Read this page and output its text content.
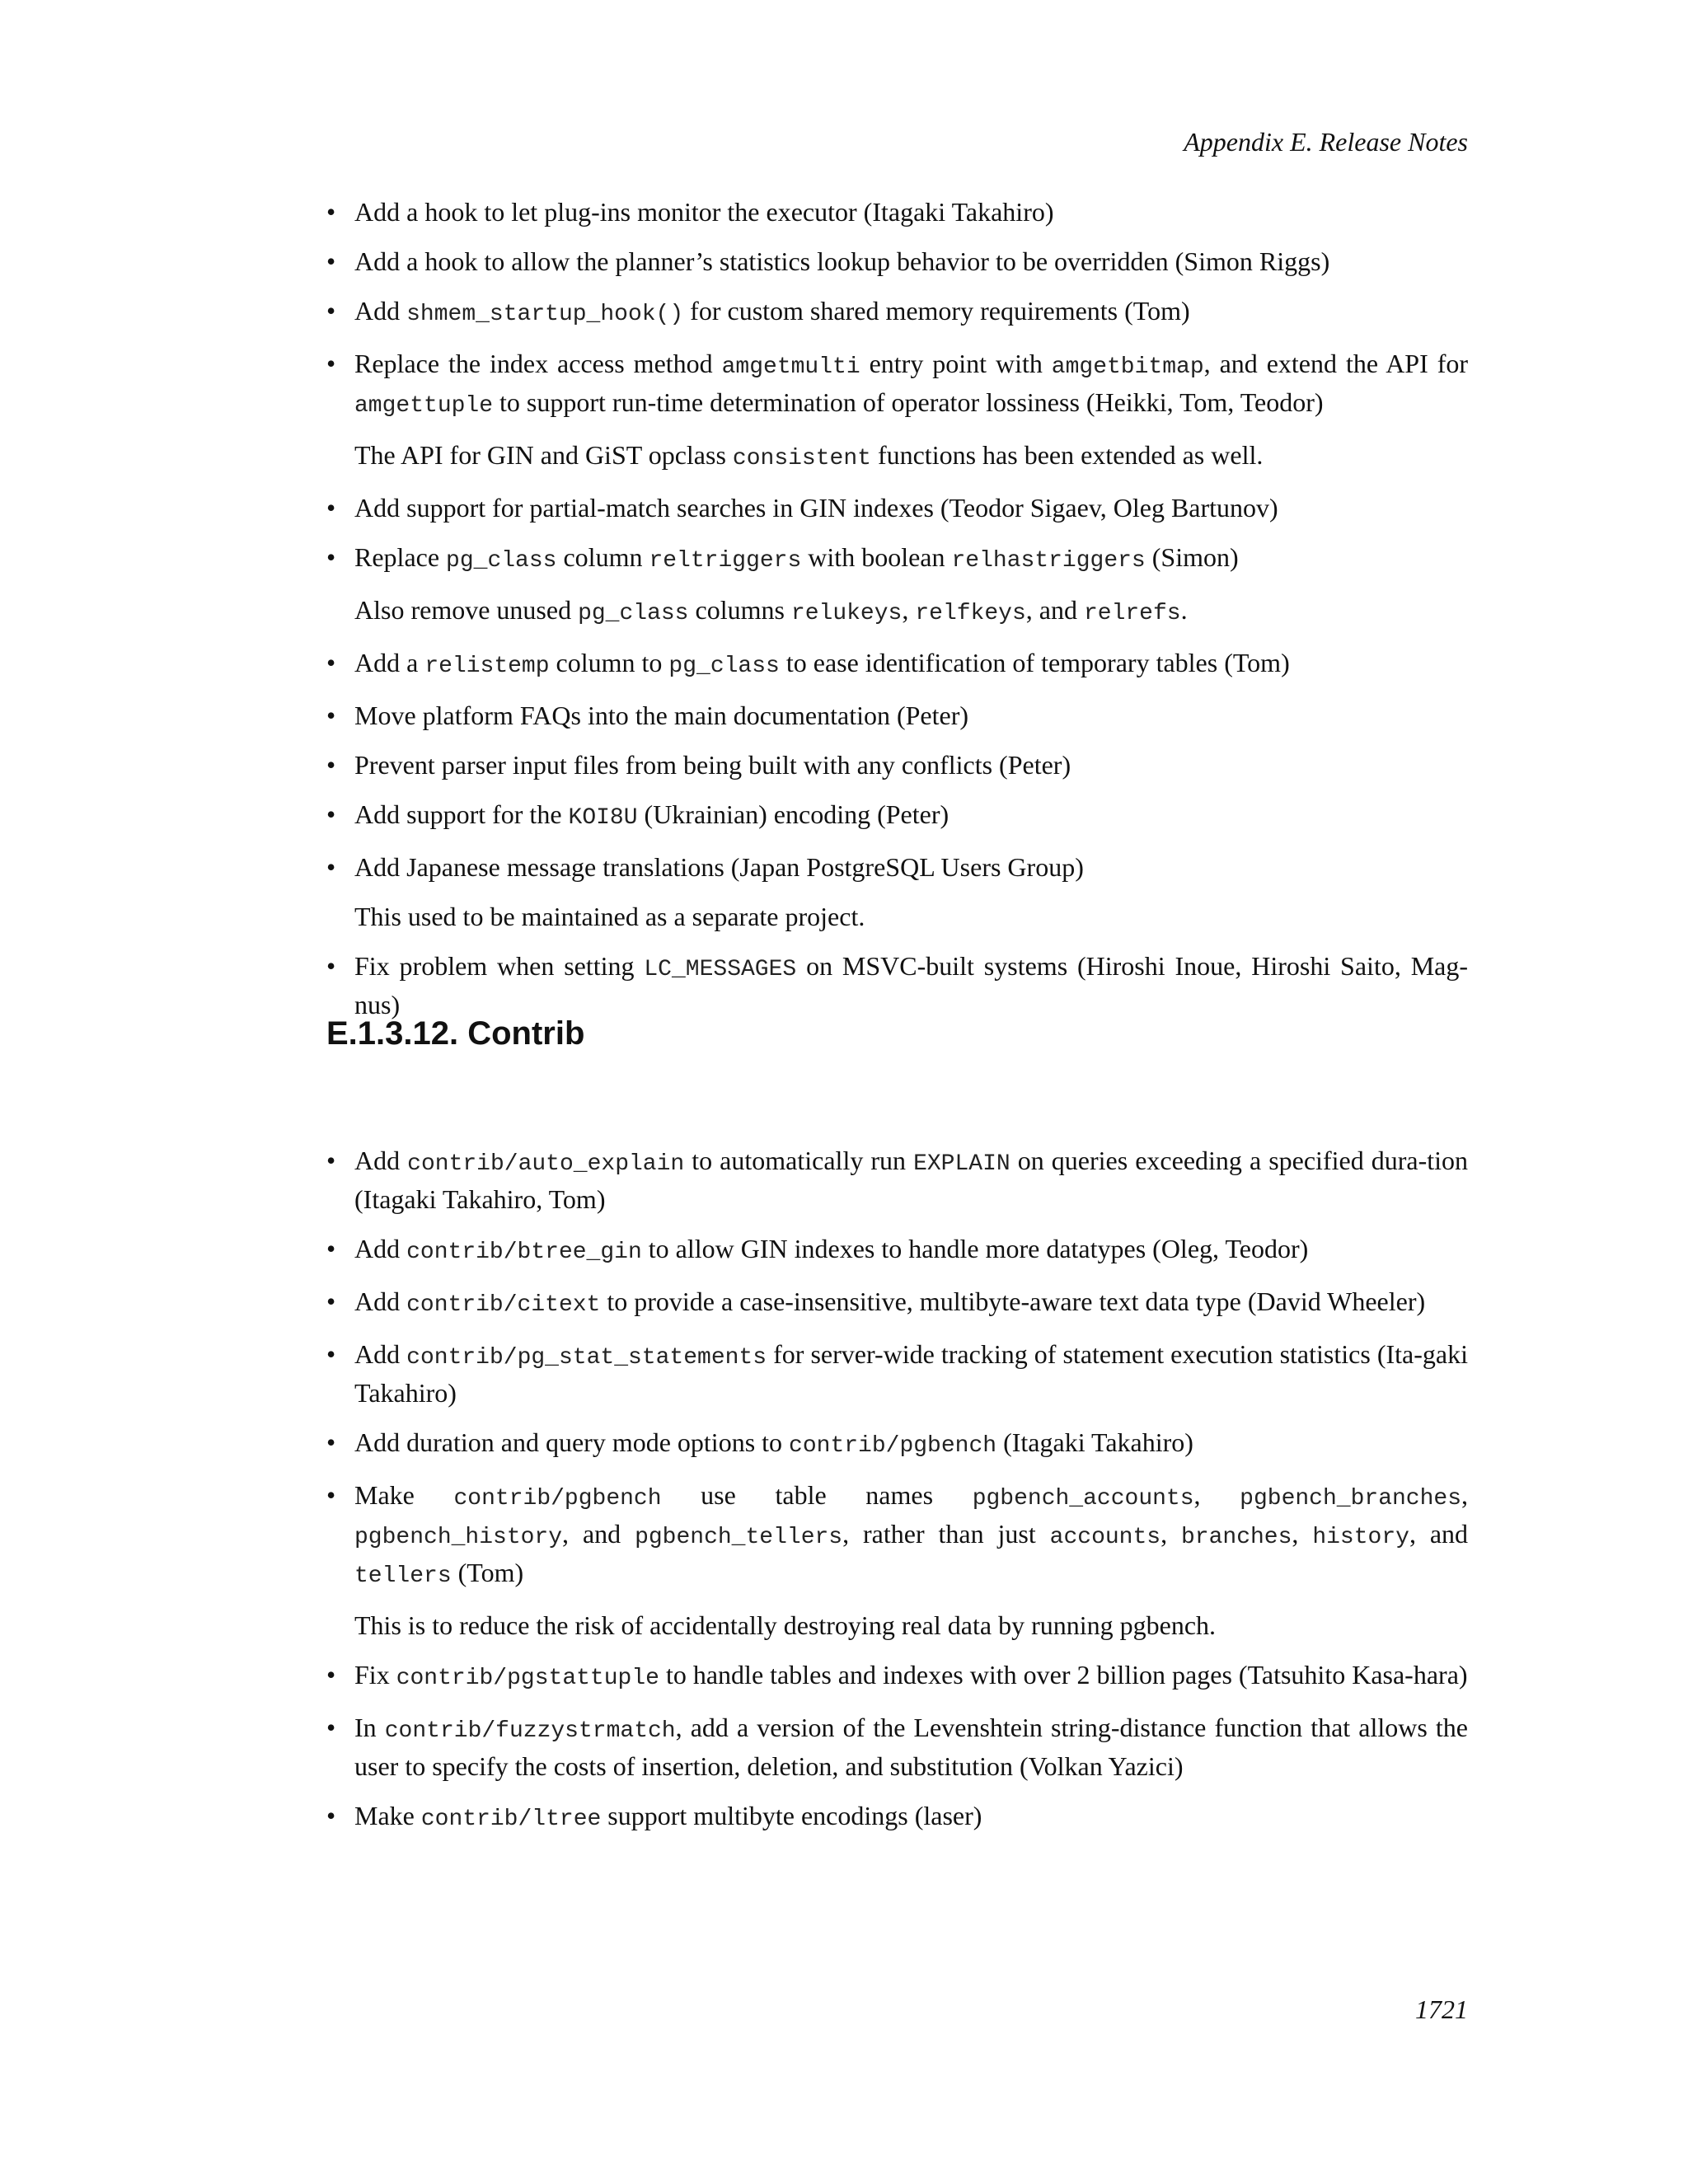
Appendix E. Release Notes
• Add a hook to let plug-ins monitor the executor (Itagaki Takahiro)
• Add a hook to allow the planner’s statistics lookup behavior to be overridden (Simon Riggs)
• Add shmem_startup_hook() for custom shared memory requirements (Tom)
• Replace the index access method amgetmulti entry point with amgetbitmap, and extend the API for amgettuple to support run-time determination of operator lossiness (Heikki, Tom, Teodor)
The API for GIN and GiST opclass consistent functions has been extended as well.
• Add support for partial-match searches in GIN indexes (Teodor Sigaev, Oleg Bartunov)
• Replace pg_class column reltriggers with boolean relhastriggers (Simon)
Also remove unused pg_class columns relukeys, relfkeys, and relrefs.
• Add a relistemp column to pg_class to ease identification of temporary tables (Tom)
• Move platform FAQs into the main documentation (Peter)
• Prevent parser input files from being built with any conflicts (Peter)
• Add support for the KOI8U (Ukrainian) encoding (Peter)
• Add Japanese message translations (Japan PostgreSQL Users Group)
This used to be maintained as a separate project.
• Fix problem when setting LC_MESSAGES on MSVC-built systems (Hiroshi Inoue, Hiroshi Saito, Mag-nus)
E.1.3.12. Contrib
• Add contrib/auto_explain to automatically run EXPLAIN on queries exceeding a specified dura-tion (Itagaki Takahiro, Tom)
• Add contrib/btree_gin to allow GIN indexes to handle more datatypes (Oleg, Teodor)
• Add contrib/citext to provide a case-insensitive, multibyte-aware text data type (David Wheeler)
• Add contrib/pg_stat_statements for server-wide tracking of statement execution statistics (Ita-gaki Takahiro)
• Add duration and query mode options to contrib/pgbench (Itagaki Takahiro)
• Make contrib/pgbench use table names pgbench_accounts, pgbench_branches, pgbench_history, and pgbench_tellers, rather than just accounts, branches, history, and tellers (Tom)
This is to reduce the risk of accidentally destroying real data by running pgbench.
• Fix contrib/pgstattuple to handle tables and indexes with over 2 billion pages (Tatsuhito Kasa-hara)
• In contrib/fuzzystrmatch, add a version of the Levenshtein string-distance function that allows the user to specify the costs of insertion, deletion, and substitution (Volkan Yazici)
• Make contrib/ltree support multibyte encodings (laser)
1721
